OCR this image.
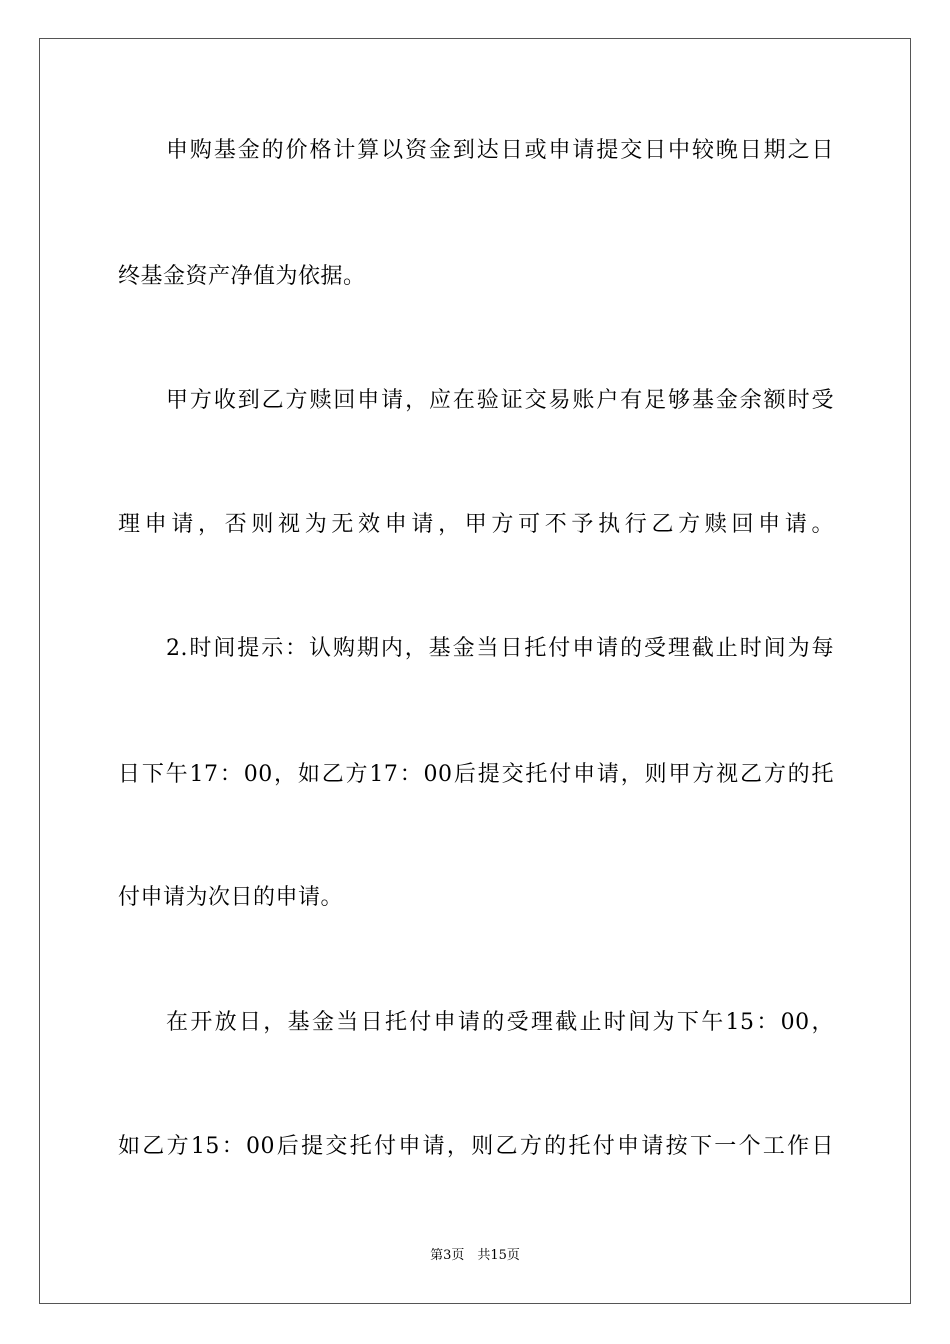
申购基金的价格计算以资金到达日或申请提交日中较晚日期之日
终基金资产净值为依据。
甲方收到乙方赎回申请，应在验证交易账户有足够基金余额时受
理申请，否则视为无效申请，甲方可不予执行乙方赎回申请。
2.时间提示：认购期内，基金当日托付申请的受理截止时间为每
日下午17：00，如乙方17：00后提交托付申请，则甲方视乙方的托
付申请为次日的申请。
在开放日，基金当日托付申请的受理截止时间为下午15：00，
如乙方15：00后提交托付申请，则乙方的托付申请按下一个工作日
第3页　共15页
